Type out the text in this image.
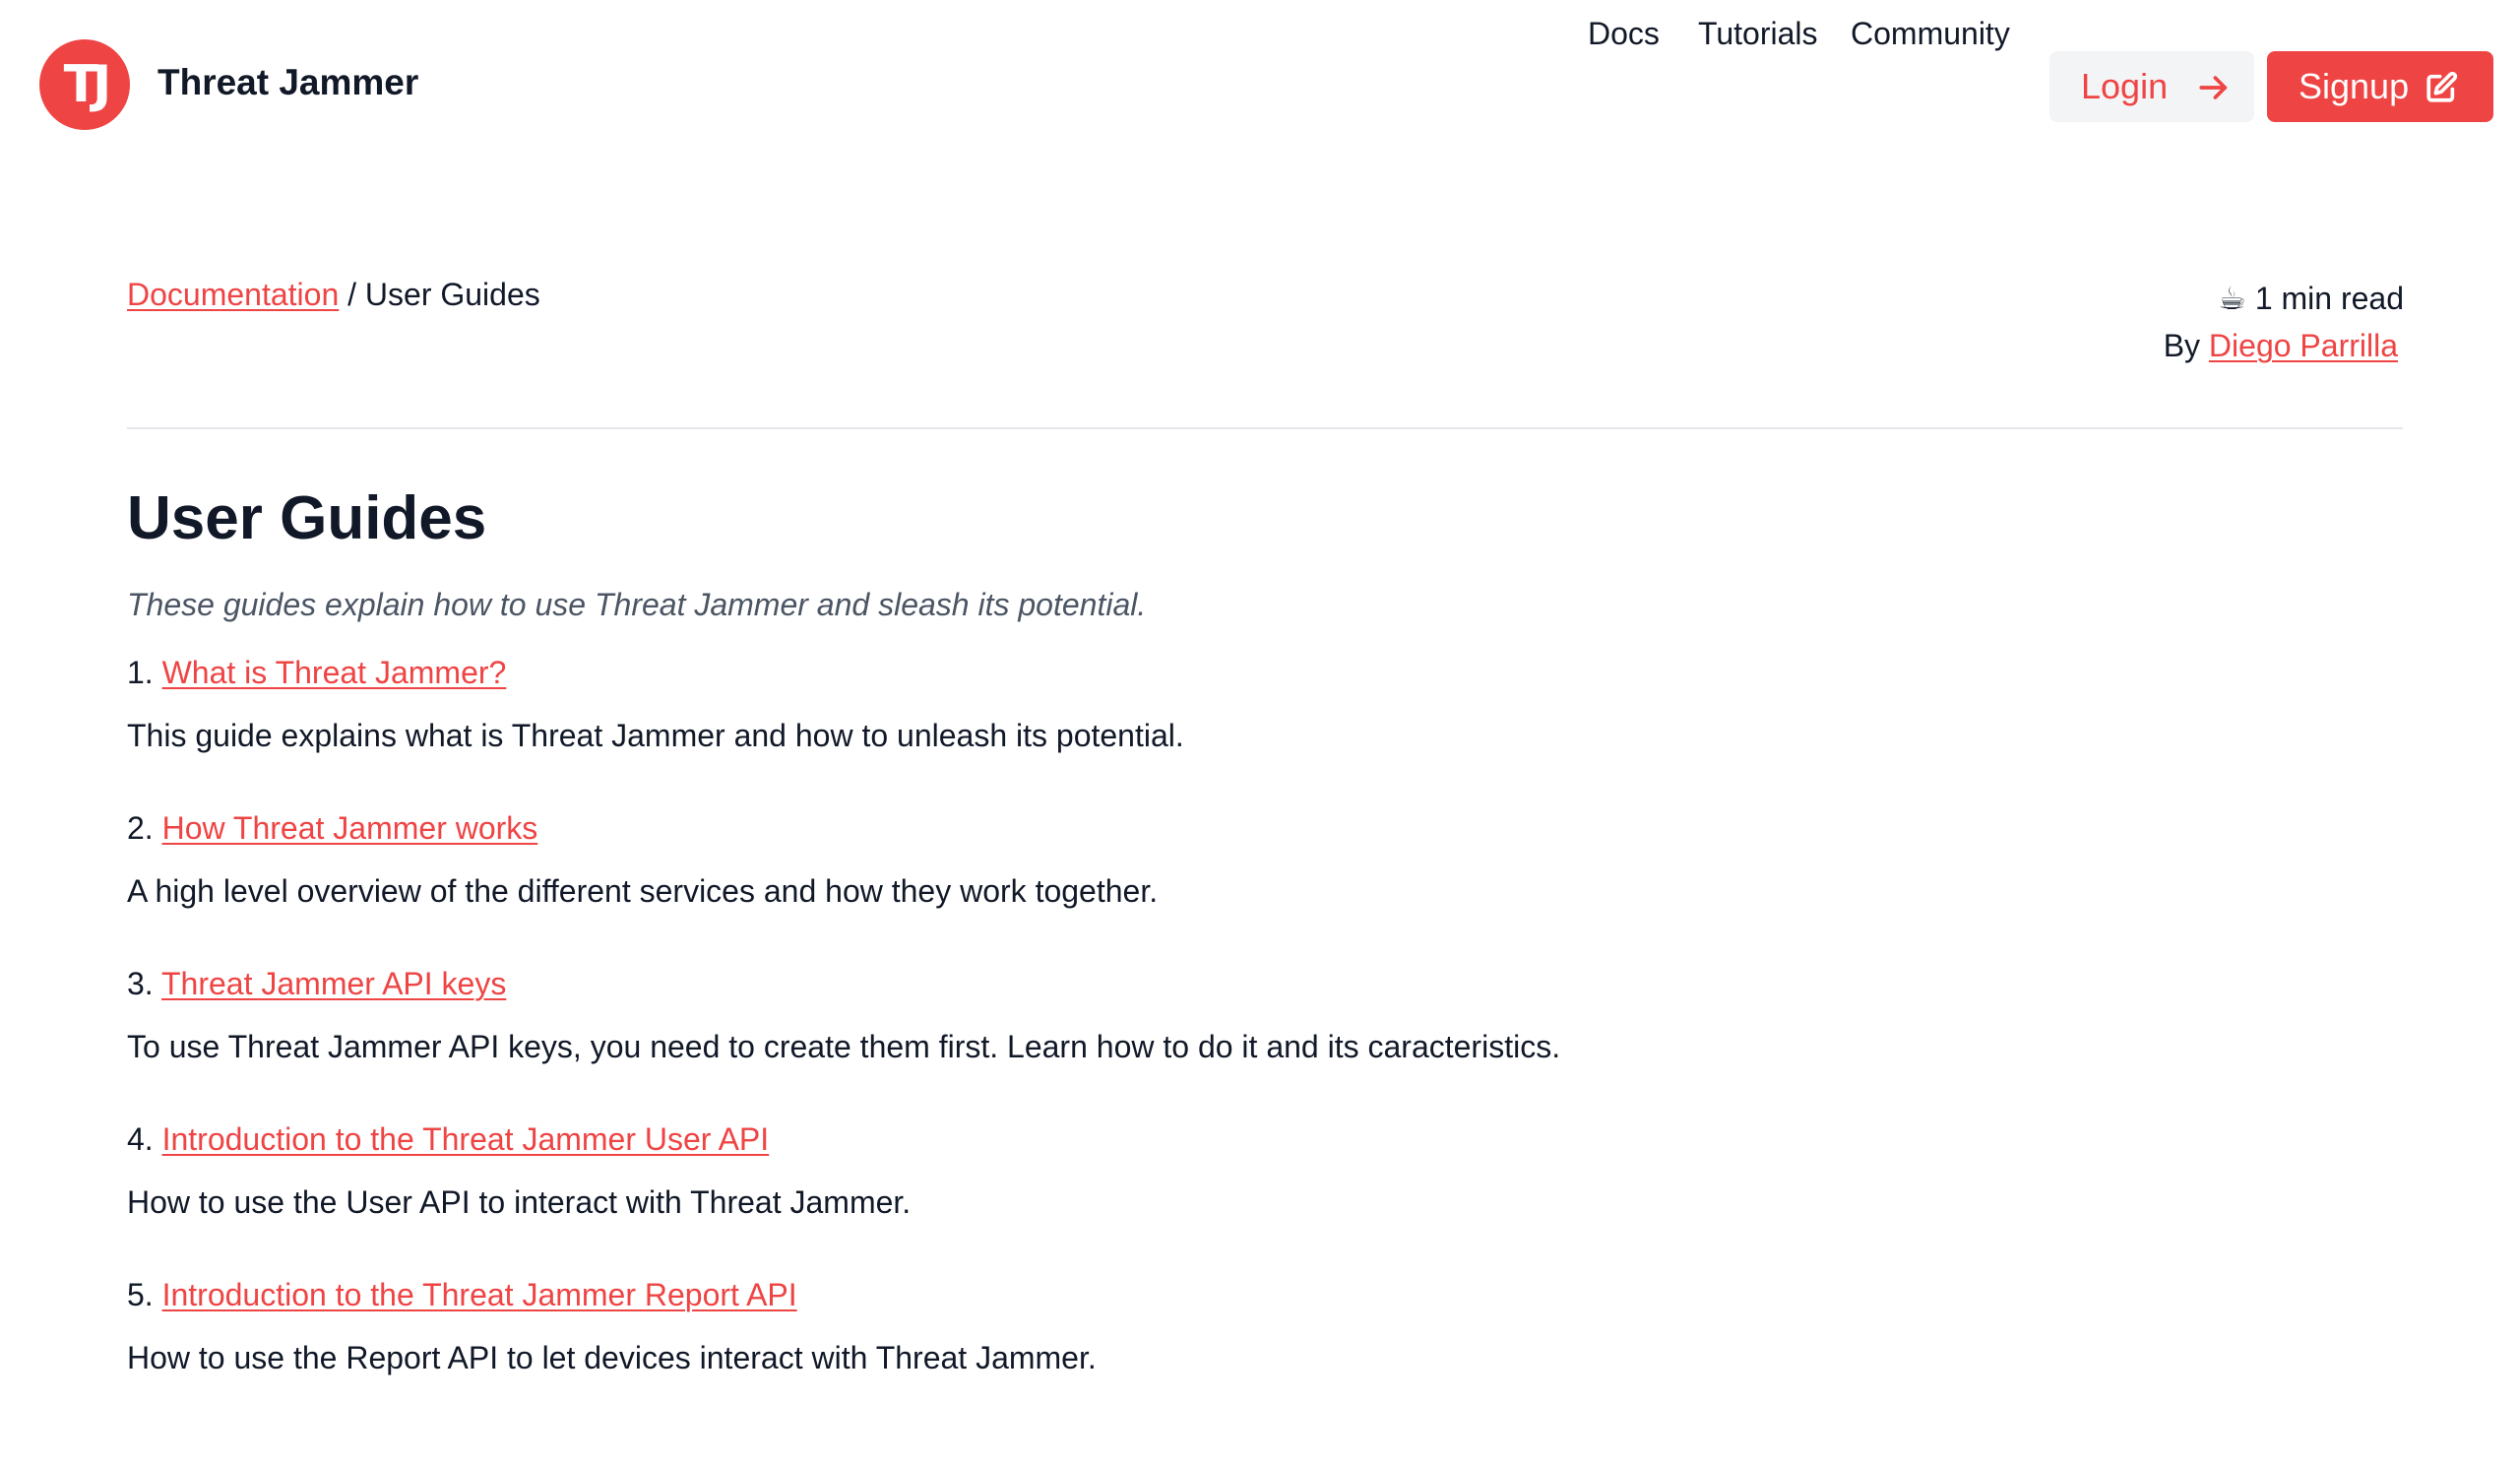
TJ	Threat Jammer
Docs Tutorials Community
Login	Signup
Documentation / User Guides	☕ 1 min read
By Diego Parrilla
User Guides

These guides explain how to use Threat Jammer and sleash its potential.

1. What is Threat Jammer?
This guide explains what is Threat Jammer and how to unleash its potential.
2. How Threat Jammer works
A high level overview of the different services and how they work together.
3. Threat Jammer API keys
To use Threat Jammer API keys, you need to create them first. Learn how to do it and its caracteristics.
4. Introduction to the Threat Jammer User API
How to use the User API to interact with Threat Jammer.
5. Introduction to the Threat Jammer Report API
How to use the Report API to let devices interact with Threat Jammer.
